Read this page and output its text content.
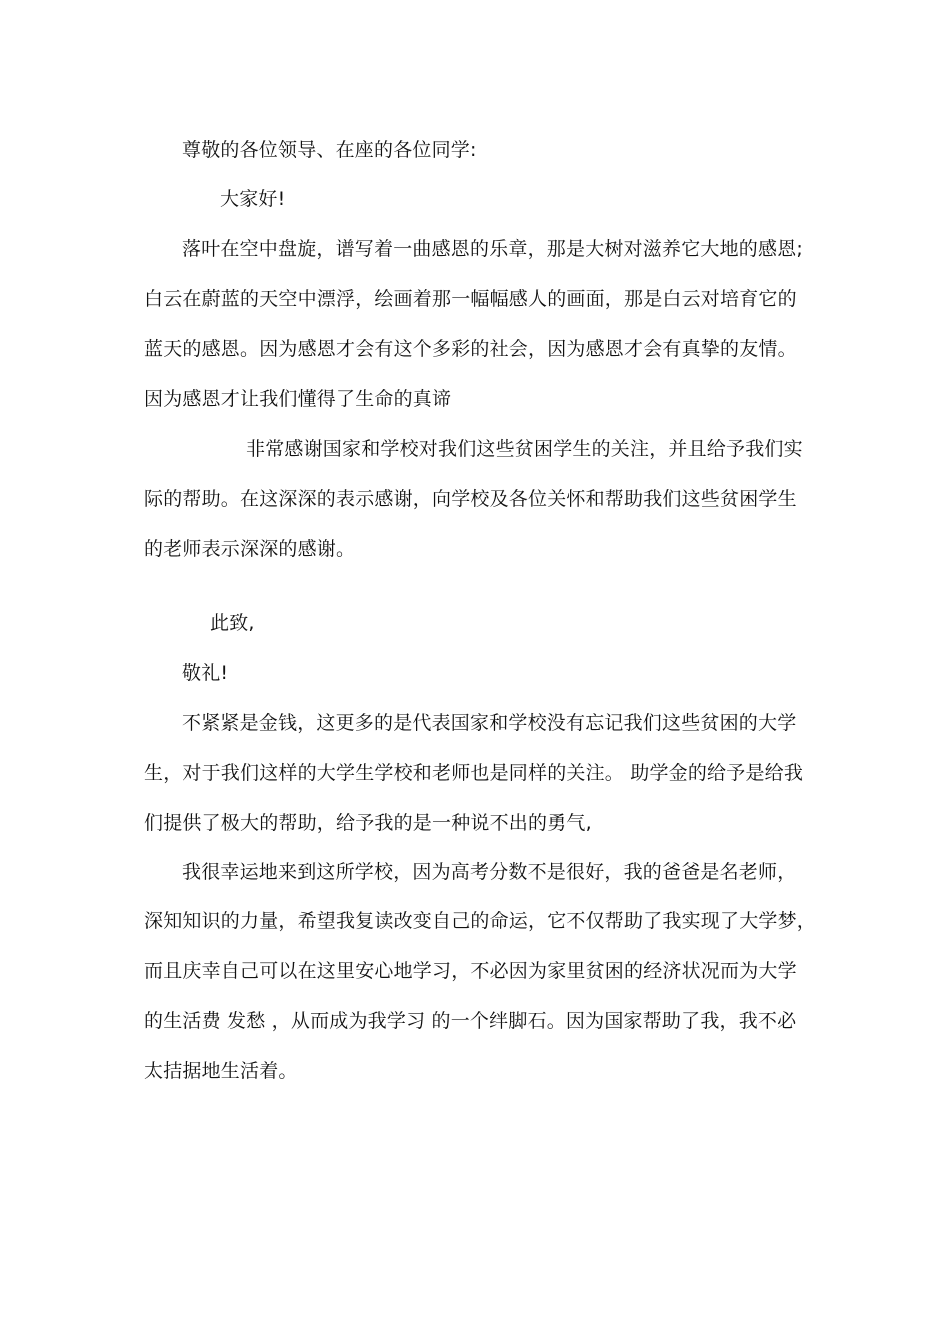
尊敬的各位领导、在座的各位同学:
大家好!
落叶在空中盘旋，谱写着一曲感恩的乐章，那是大树对滋养它大地的感恩;
白云在蔚蓝的天空中漂浮，绘画着那一幅幅感人的画面，那是白云对培育它的
蓝天的感恩。因为感恩才会有这个多彩的社会，因为感恩才会有真挚的友情。
因为感恩才让我们懂得了生命的真谛
非常感谢国家和学校对我们这些贫困学生的关注，并且给予我们实
际的帮助。在这深深的表示感谢，向学校及各位关怀和帮助我们这些贫困学生
的老师表示深深的感谢。
此致,
敬礼!
不紧紧是金钱，这更多的是代表国家和学校没有忘记我们这些贫困的大学
生，对于我们这样的大学生学校和老师也是同样的关注。 助学金的给予是给我
们提供了极大的帮助，给予我的是一种说不出的勇气,
我很幸运地来到这所学校，因为高考分数不是很好，我的爸爸是名老师，
深知知识的力量，希望我复读改变自己的命运，它不仅帮助了我实现了大学梦，
而且庆幸自己可以在这里安心地学习，不必因为家里贫困的经济状况而为大学
的生活费 发愁 ，从而成为我学习 的一个绊脚石。因为国家帮助了我，我不必
太拮据地生活着。
